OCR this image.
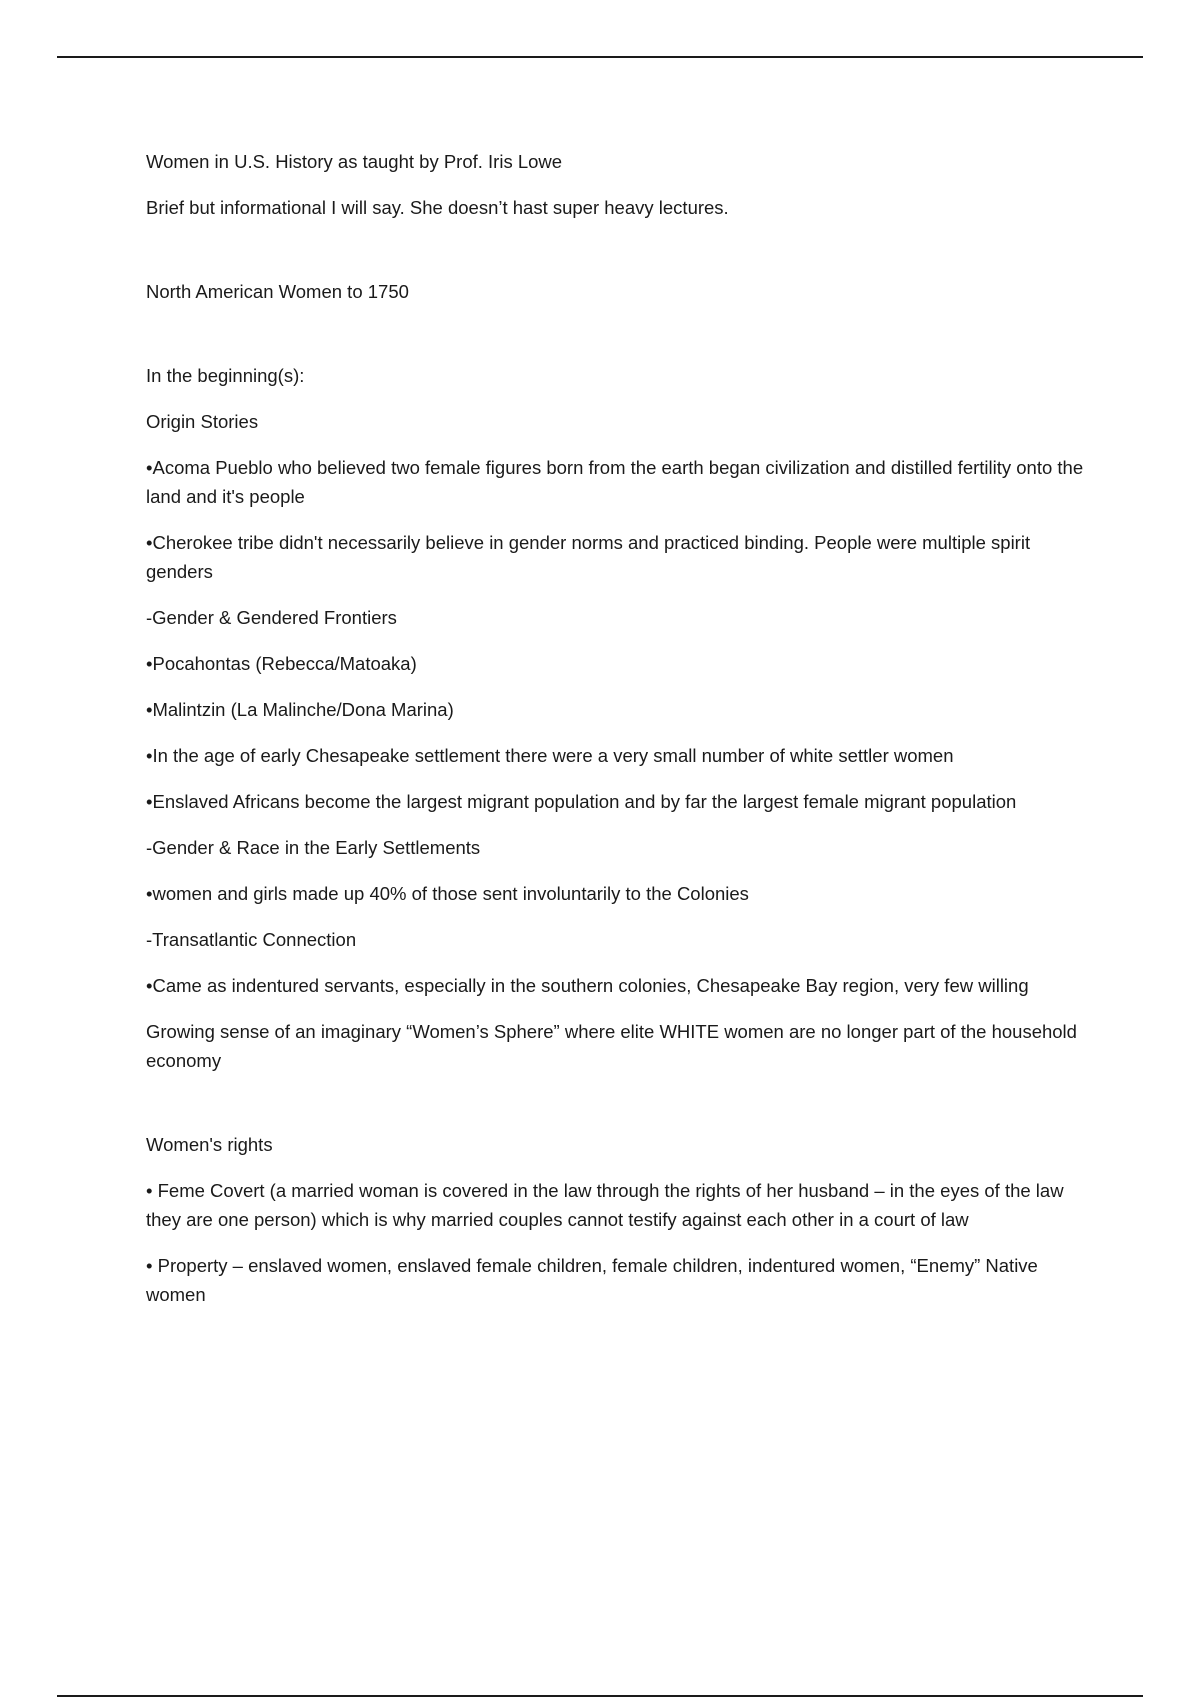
Women in U.S. History as taught by Prof. Iris Lowe

Brief but informational I will say. She doesn’t hast super heavy lectures.

North American Women to 1750

In the beginning(s):

Origin Stories

•Acoma Pueblo who believed two female figures born from the earth began civilization and distilled fertility onto the land and it's people

•Cherokee tribe didn't necessarily believe in gender norms and practiced binding. People were multiple spirit genders

-Gender & Gendered Frontiers

•Pocahontas (Rebecca/Matoaka)

•Malintzin (La Malinche/Dona Marina)

•In the age of early Chesapeake settlement there were a very small number of white settler women

•Enslaved Africans become the largest migrant population and by far the largest female migrant population

-Gender & Race in the Early Settlements

•women and girls made up 40% of those sent involuntarily to the Colonies

-Transatlantic Connection

•Came as indentured servants, especially in the southern colonies, Chesapeake Bay region, very few willing

Growing sense of an imaginary “Women’s Sphere” where elite WHITE women are no longer part of the household economy

Women's rights

• Feme Covert (a married woman is covered in the law through the rights of her husband – in the eyes of the law they are one person) which is why married couples cannot testify against each other in a court of law

• Property – enslaved women, enslaved female children, female children, indentured women, “Enemy” Native women
